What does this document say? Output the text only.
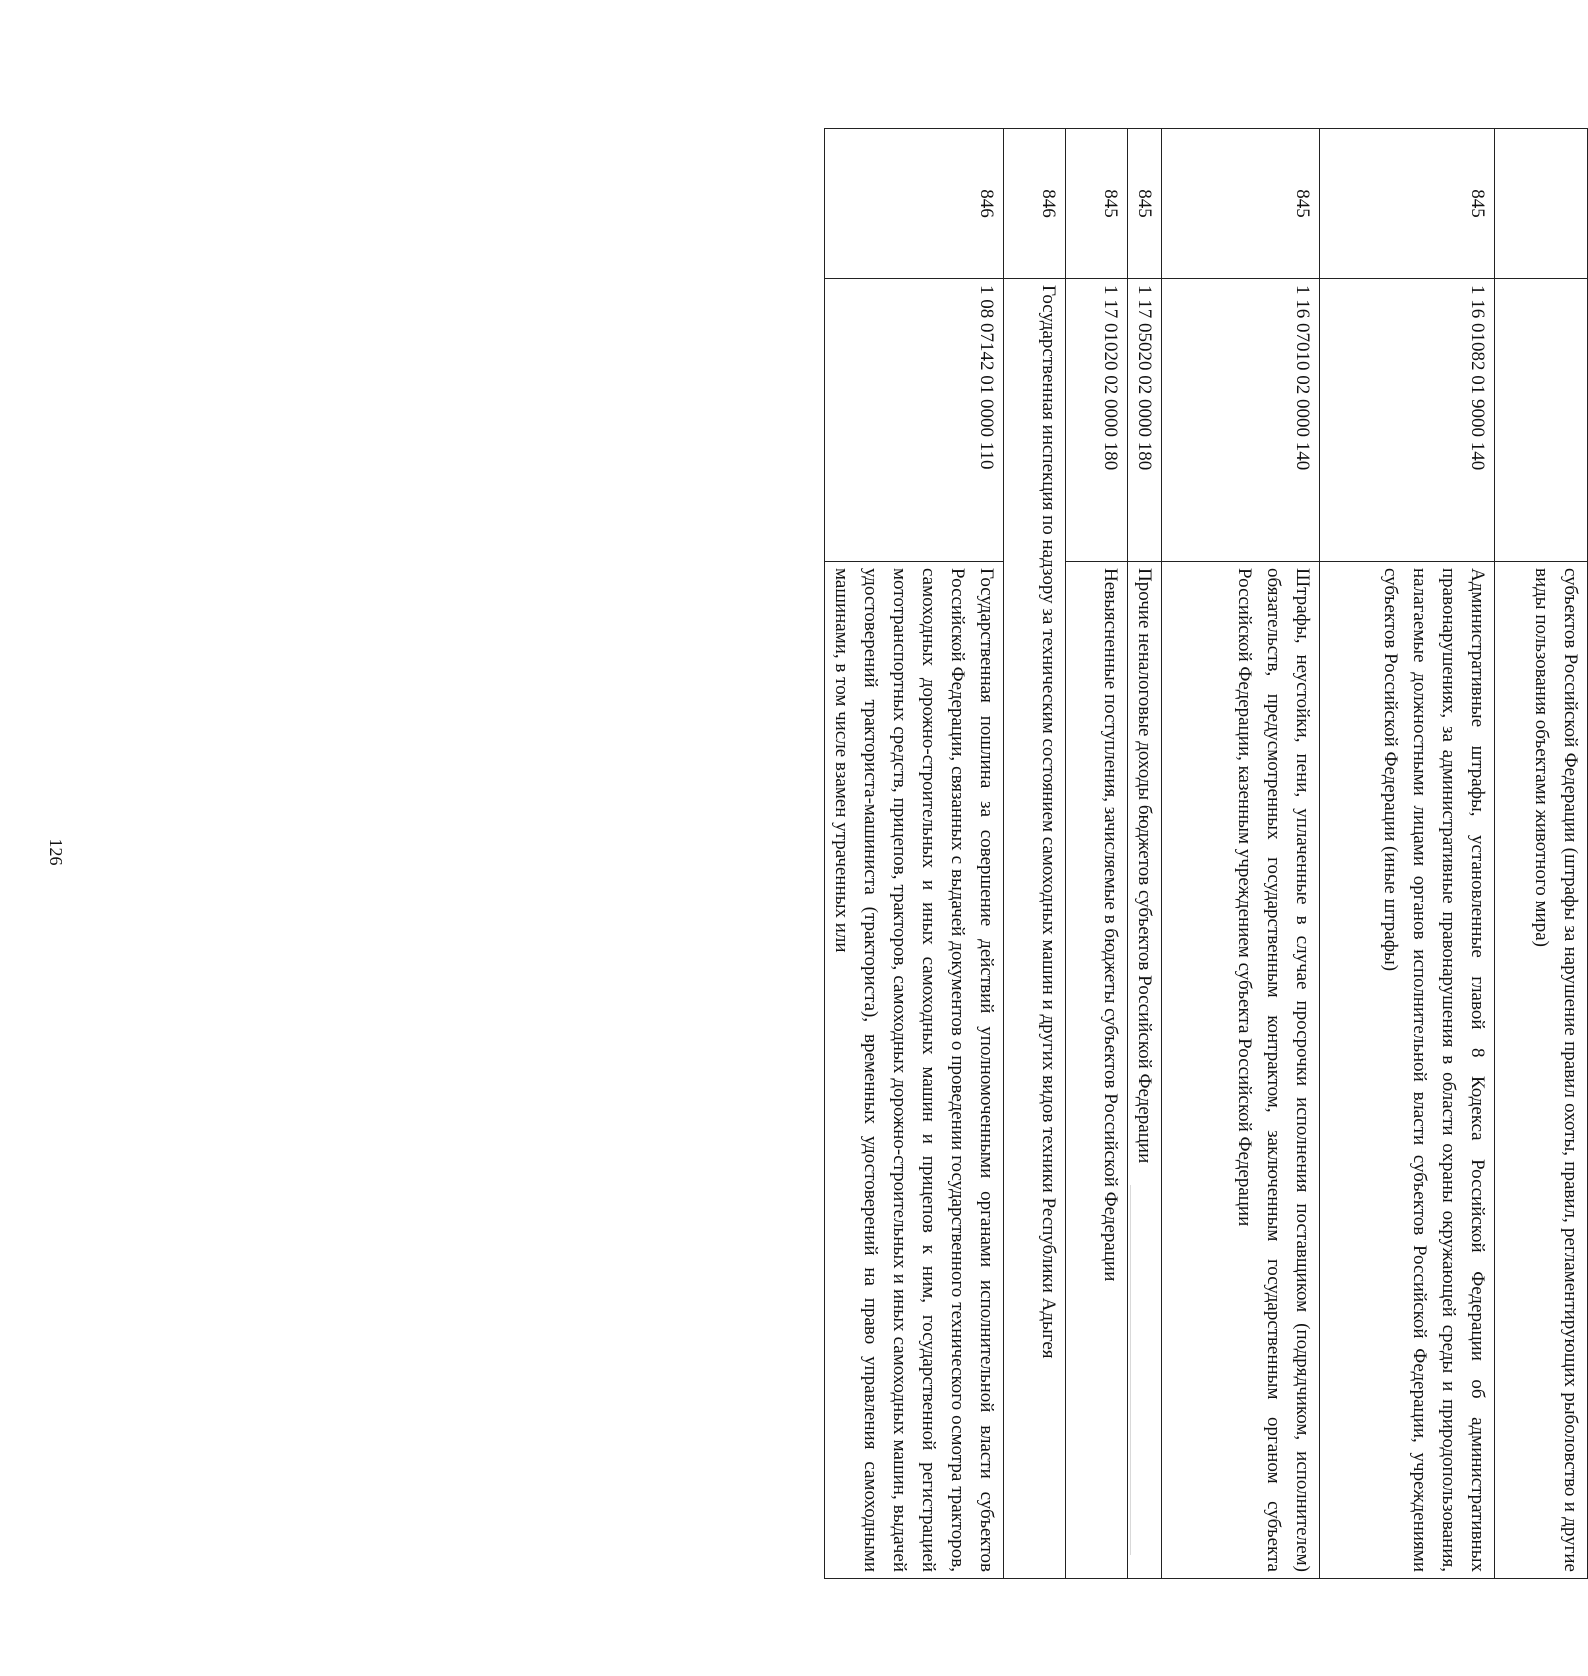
126
			субъектов Российской Федерации (штрафы за нарушение правил охоты, правил, регламентирующих рыболовство и другие виды пользования объектами животного мира)
845	1 16 01082 01 9000 140	Административные штрафы, установленные главой 8 Кодекса Российской Федерации об административных правонарушениях, за административные правонарушения в области охраны окружающей среды и природопользования, налагаемые должностными лицами органов исполнительной власти субъектов Российской Федерации, учреждениями субъектов Российской Федерации (иные штрафы)
845	1 16 07010 02 0000 140	Штрафы, неустойки, пени, уплаченные в случае просрочки исполнения поставщиком (подрядчиком, исполнителем) обязательств, предусмотренных государственным контрактом, заключенным государственным органом субъекта Российской Федерации, казенным учреждением субъекта Российской Федерации
845	1 17 05020 02 0000 180	Прочие неналоговые доходы бюджетов субъектов Российской Федерации
845	1 17 01020 02 0000 180	Невыясненные поступления, зачисляемые в бюджеты субъектов Российской Федерации
846	Государственная инспекция по надзору за техническим состоянием самоходных машин и других видов техники Республики Адыгея	
846	1 08 07142 01 0000 110	Государственная пошлина за совершение действий уполномоченными органами исполнительной власти субъектов Российской Федерации, связанных с выдачей документов о проведении государственного технического осмотра тракторов, самоходных дорожно-строительных и иных самоходных машин и прицепов к ним, государственной регистрацией мототранспортных средств, прицепов, тракторов, самоходных дорожно-строительных и иных самоходных машин, выдачей удостоверений тракториста-машиниста (тракториста), временных удостоверений на право управления самоходными машинами, в том числе взамен утраченных или
